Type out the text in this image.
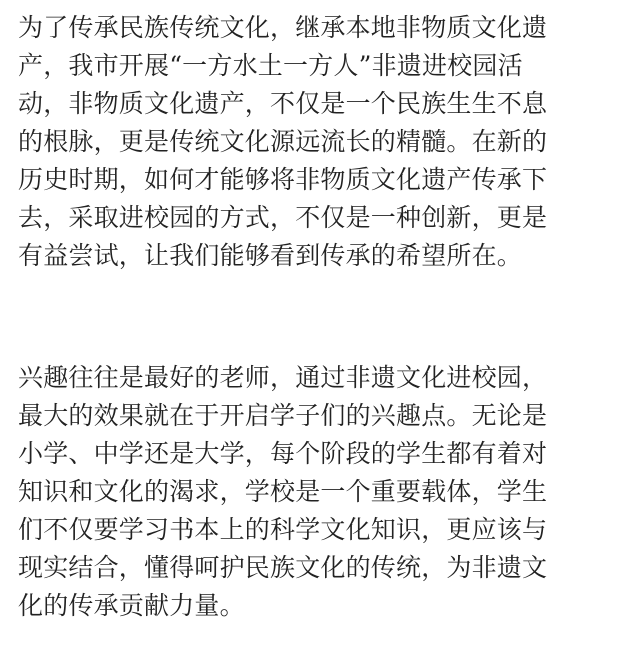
为了传承民族传统文化，继承本地非物质文化遗
产，我市开展“一方水土一方人”非遗进校园活
动，非物质文化遗产，不仅是一个民族生生不息
的根脉，更是传统文化源远流长的精髓。在新的
历史时期，如何才能够将非物质文化遗产传承下
去，采取进校园的方式，不仅是一种创新，更是
有益尝试，让我们能够看到传承的希望所在。
兴趣往往是最好的老师，通过非遗文化进校园，
最大的效果就在于开启学子们的兴趣点。无论是
小学、中学还是大学，每个阶段的学生都有着对
知识和文化的渴求，学校是一个重要载体，学生
们不仅要学习书本上的科学文化知识，更应该与
现实结合，懂得呵护民族文化的传统，为非遗文
化的传承贡献力量。
